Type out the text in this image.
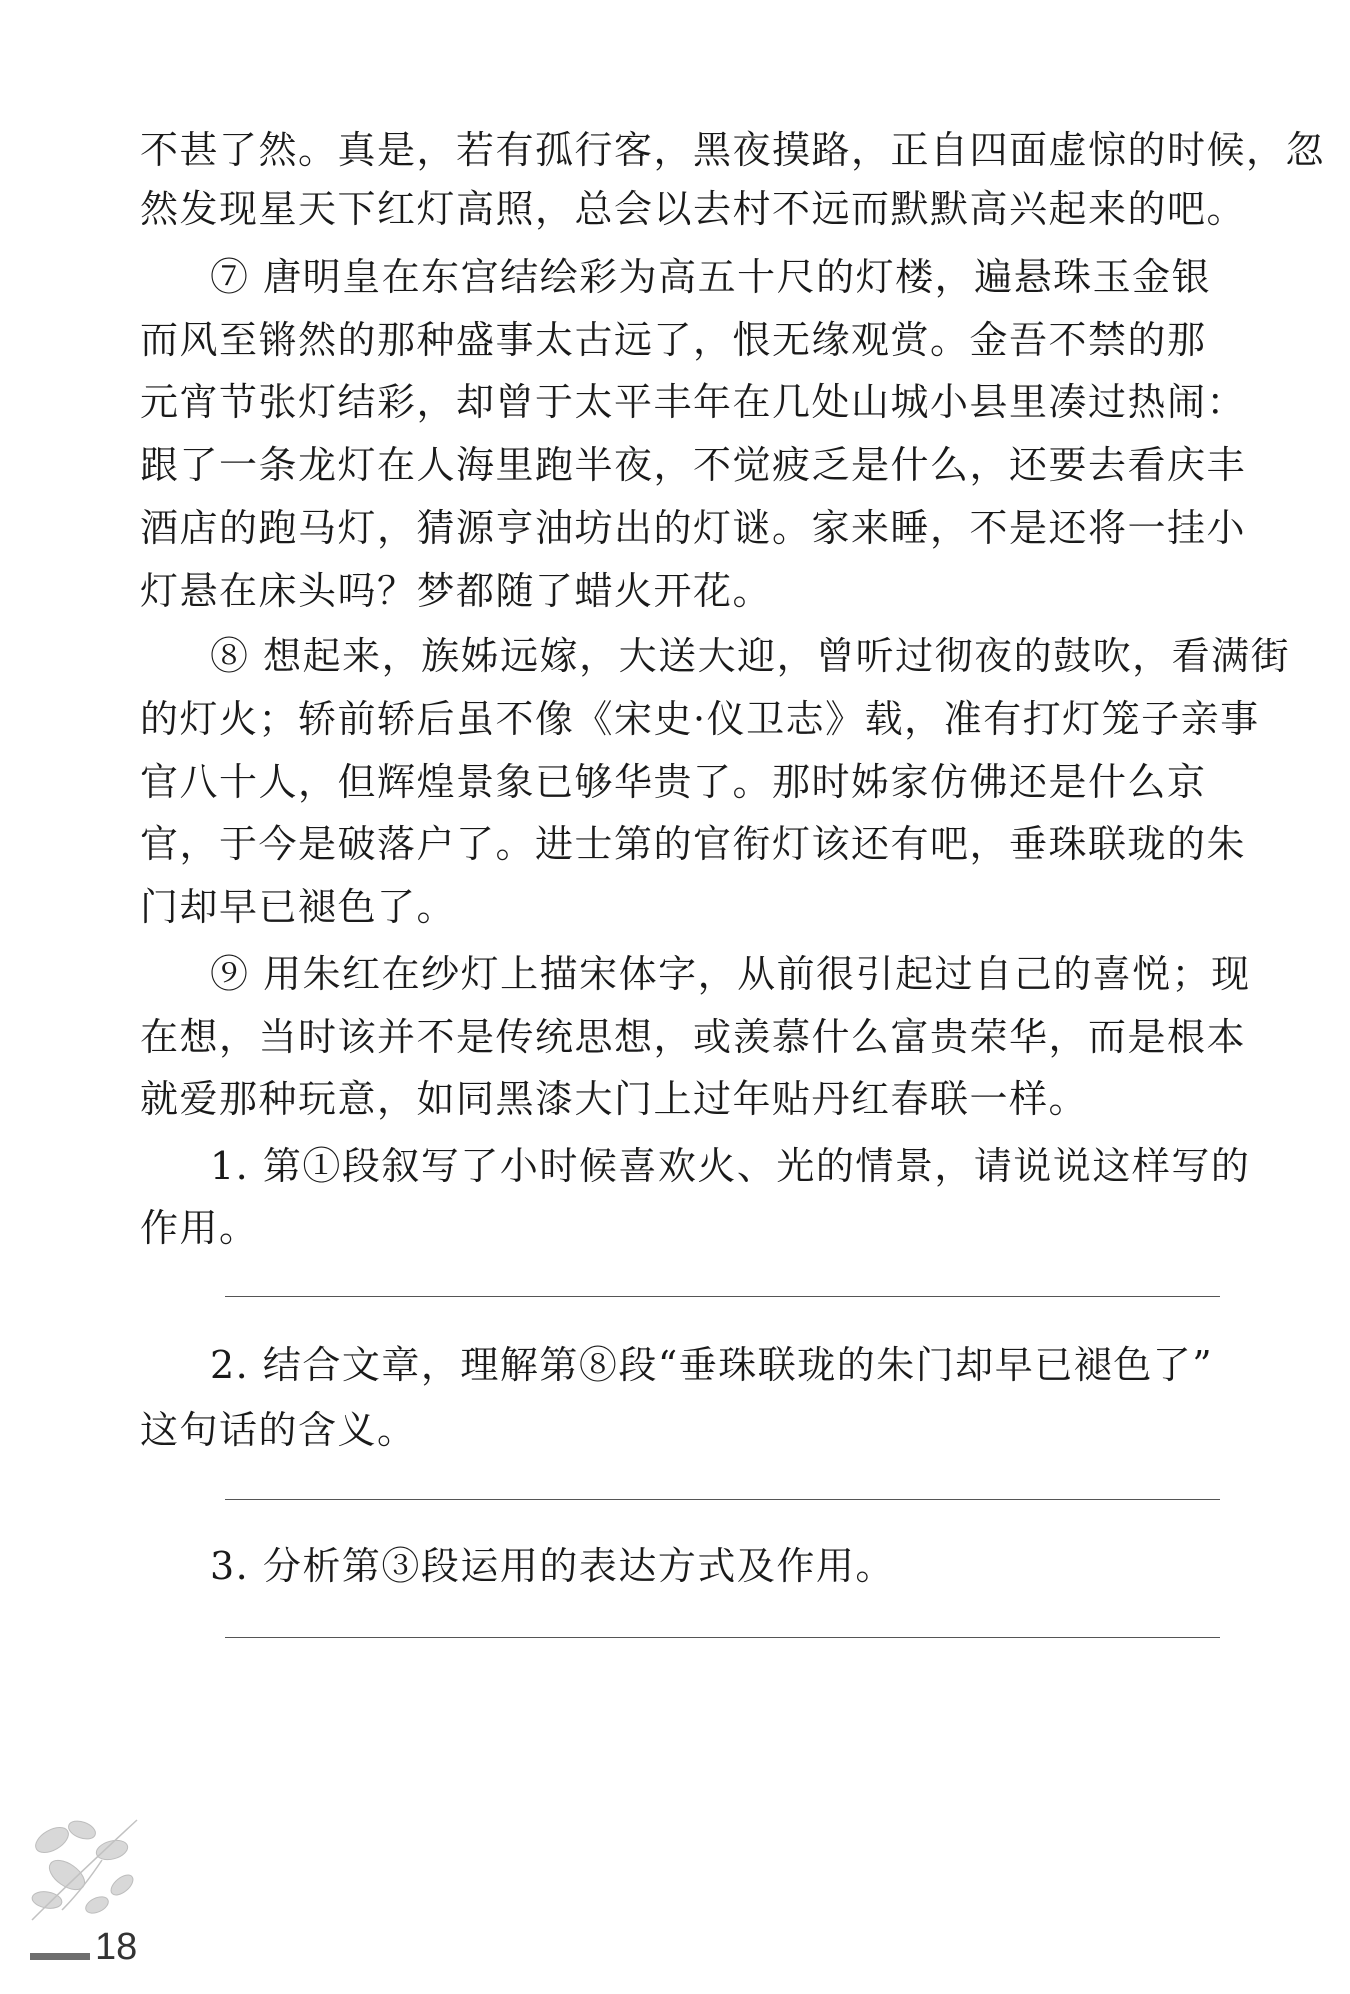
不甚了然。真是，若有孤行客，黑夜摸路，正自四面虚惊的时候，忽
然发现星天下红灯高照，总会以去村不远而默默高兴起来的吧。
⑦ 唐明皇在东宫结绘彩为高五十尺的灯楼，遍悬珠玉金银
而风至锵然的那种盛事太古远了，恨无缘观赏。金吾不禁的那
元宵节张灯结彩，却曾于太平丰年在几处山城小县里凑过热闹：
跟了一条龙灯在人海里跑半夜，不觉疲乏是什么，还要去看庆丰
酒店的跑马灯，猜源亨油坊出的灯谜。家来睡，不是还将一挂小
灯悬在床头吗？梦都随了蜡火开花。
⑧ 想起来，族姊远嫁，大送大迎，曾听过彻夜的鼓吹，看满街
的灯火；轿前轿后虽不像《宋史·仪卫志》载，准有打灯笼子亲事
官八十人，但辉煌景象已够华贵了。那时姊家仿佛还是什么京
官，于今是破落户了。进士第的官衔灯该还有吧，垂珠联珑的朱
门却早已褪色了。
⑨ 用朱红在纱灯上描宋体字，从前很引起过自己的喜悦；现
在想，当时该并不是传统思想，或羡慕什么富贵荣华，而是根本
就爱那种玩意，如同黑漆大门上过年贴丹红春联一样。
1. 第①段叙写了小时候喜欢火、光的情景，请说说这样写的
作用。
2. 结合文章，理解第⑧段“垂珠联珑的朱门却早已褪色了”
这句话的含义。
3. 分析第③段运用的表达方式及作用。
18
